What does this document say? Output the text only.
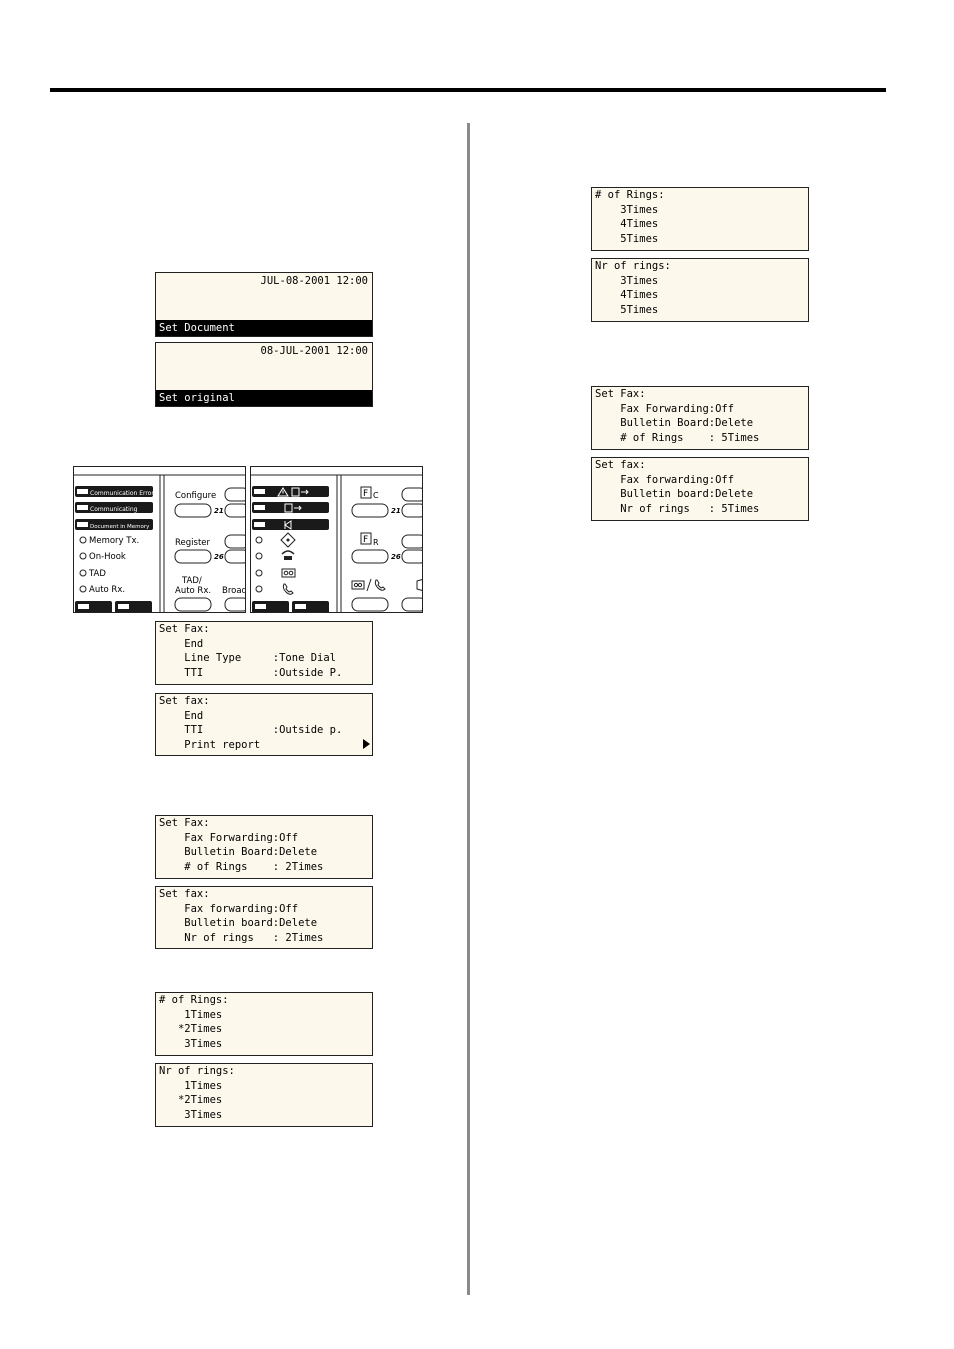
JUL-08-2001 12:00
Set Document
08-JUL-2001 12:00
Set original
Communication Error
Communicating
Document in Memory
Memory Tx.
On-Hook
TAD
Auto Rx.
Configure
21
Register
26
TAD/
Auto Rx. Broad
F C
21
F R
26
Set Fax:
End
Line Type     :Tone Dial
TTI           :Outside P.
Set fax:
End
TTI           :Outside p.
Print report
Set Fax:
Fax Forwarding:Off
Bulletin Board:Delete
# of Rings    : 2Times
Set fax:
Fax forwarding:Off
Bulletin board:Delete
Nr of rings   : 2Times
# of Rings:
1Times
*2Times
3Times
Nr of rings:
1Times
*2Times
3Times
# of Rings:
3Times
4Times
5Times
Nr of rings:
3Times
4Times
5Times
Set Fax:
Fax Forwarding:Off
Bulletin Board:Delete
# of Rings    : 5Times
Set fax:
Fax forwarding:Off
Bulletin board:Delete
Nr of rings   : 5Times
